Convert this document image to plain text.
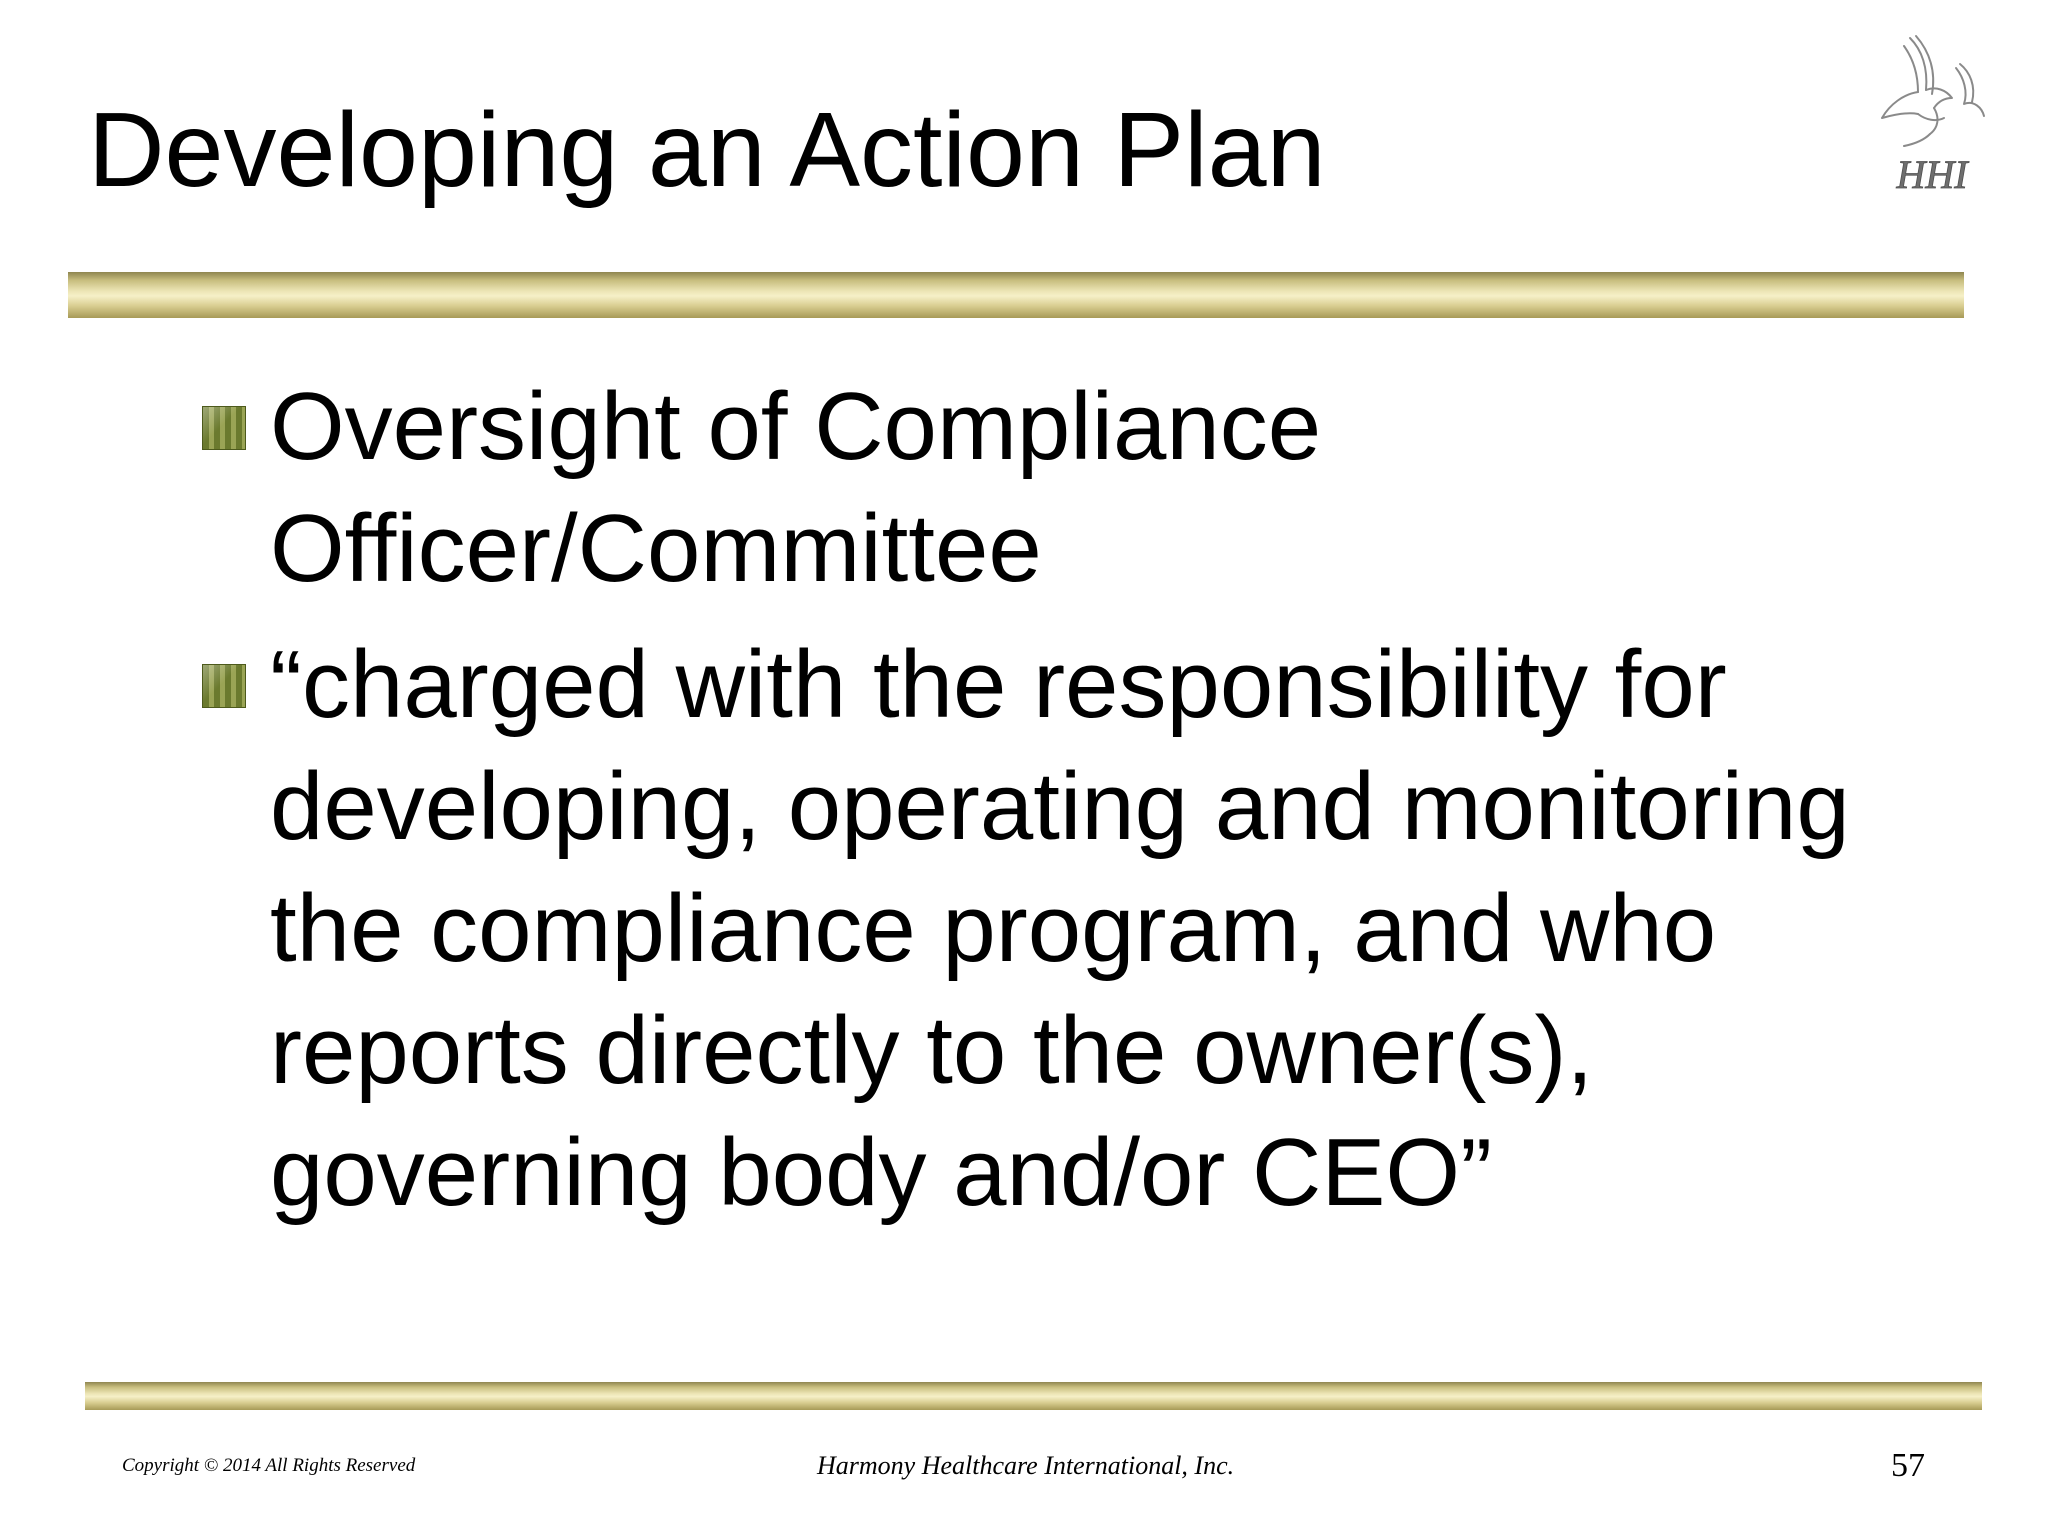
Developing an Action Plan	HHI
Oversight of Compliance Officer/Committee
“charged with the responsibility for developing, operating and monitoring the compliance program, and who reports directly to the owner(s), governing body and/or CEO”
Copyright © 2014 All Rights Reserved	Harmony Healthcare International, Inc.	57
